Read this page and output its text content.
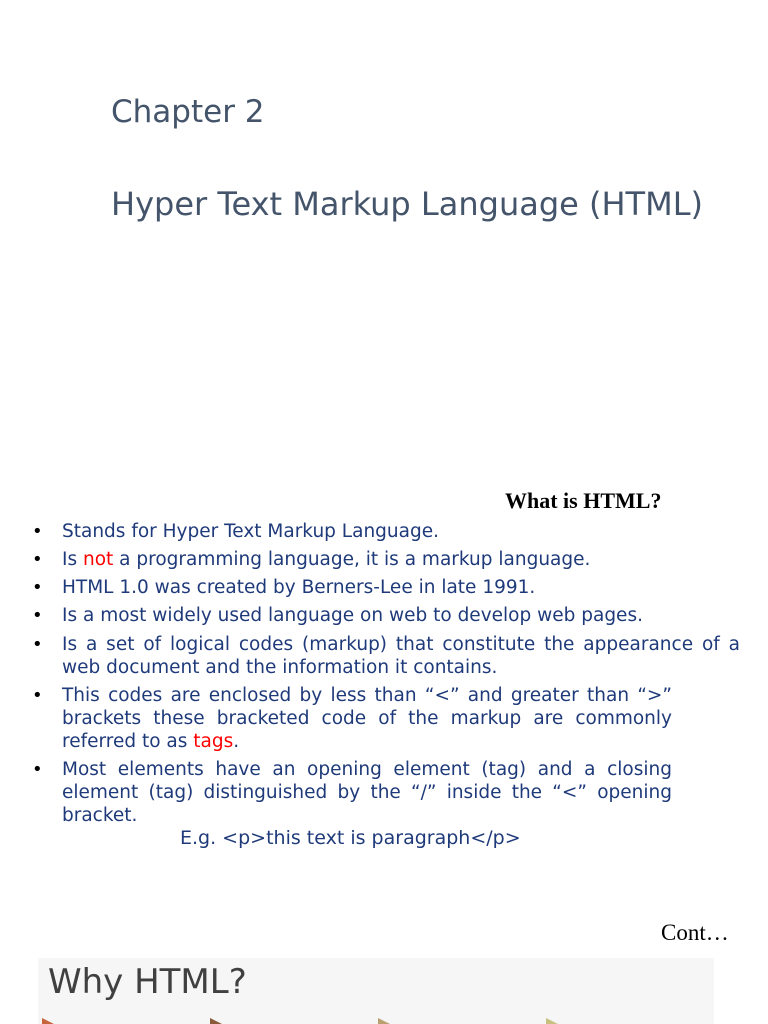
Chapter 2
Hyper Text Markup Language (HTML)
What is HTML?
• Stands for Hyper Text Markup Language.
• Is not a programming language, it is a markup language.
• HTML 1.0 was created by Berners-Lee in late 1991.
• Is a most widely used language on web to develop web pages.
• Is a set of logical codes (markup) that constitute the appearance of a web document and the information it contains.
• This codes are enclosed by less than “<” and greater than “>” brackets these bracketed code of the markup are commonly referred to as tags.
• Most elements have an opening element (tag) and a closing element (tag) distinguished by the “/” inside the “<” opening bracket.
E.g. <p>this text is paragraph</p>
Cont…
Why HTML?
